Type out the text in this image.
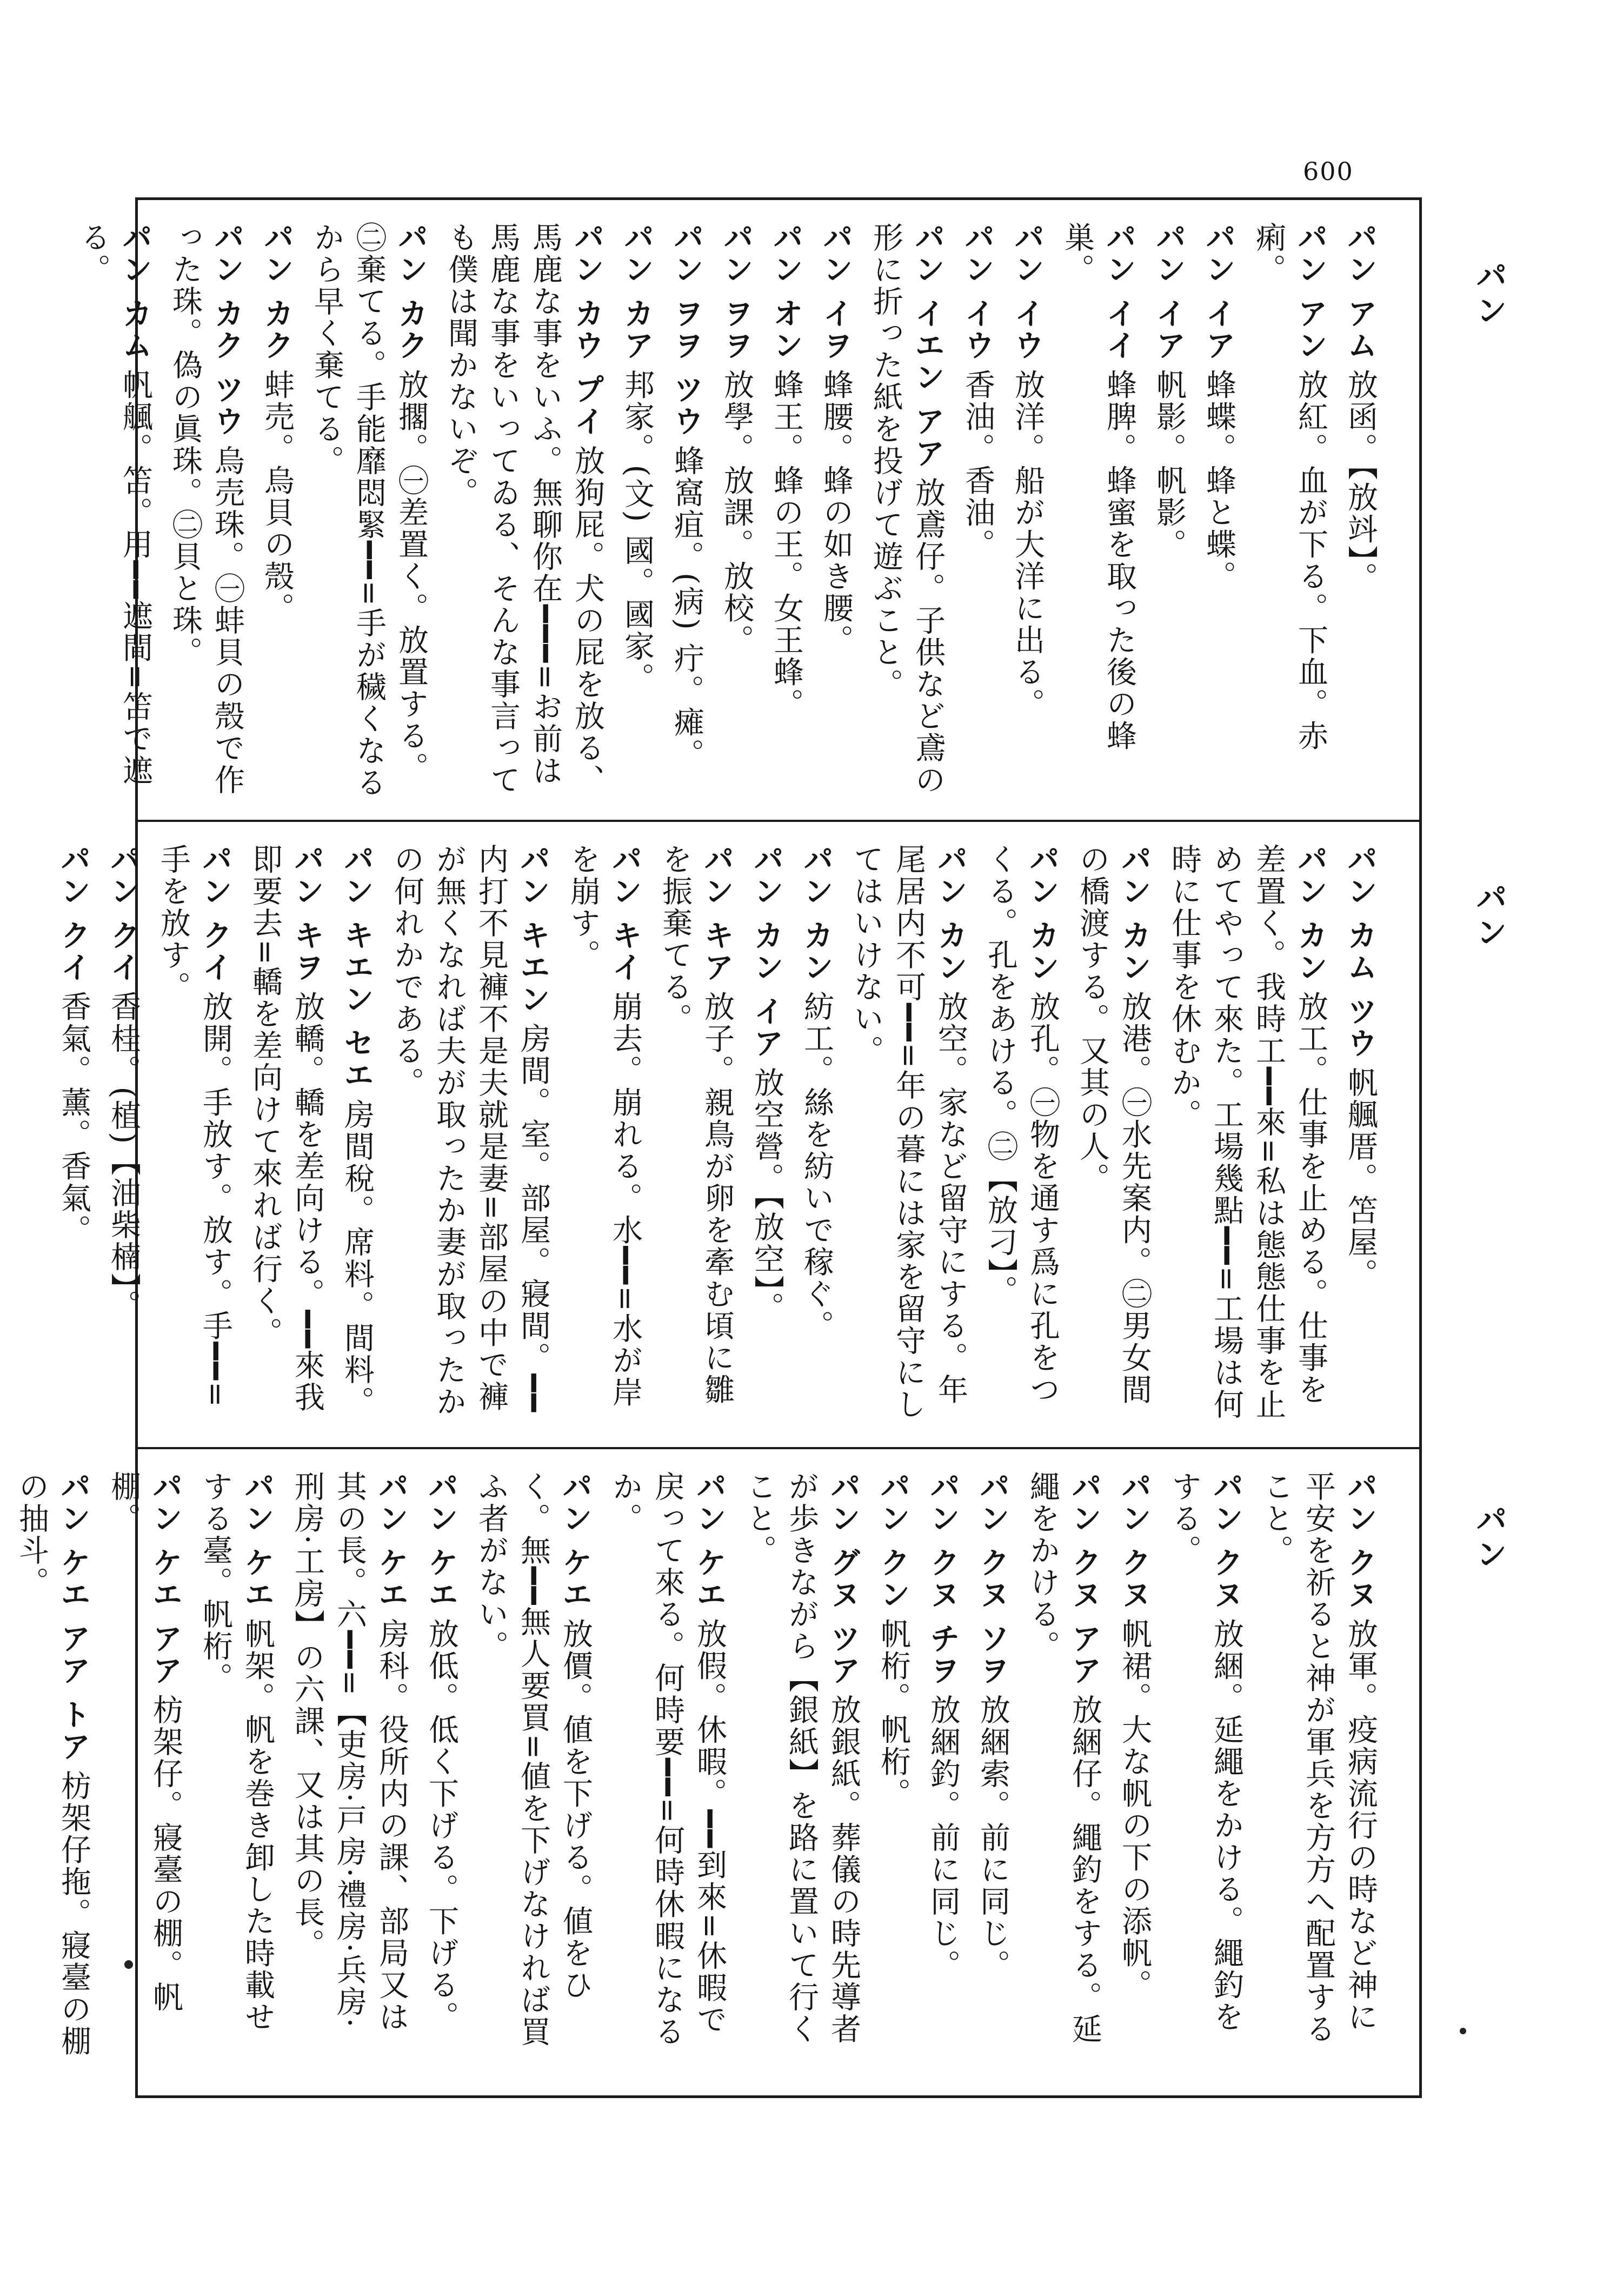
600
パン
パン
パン
パン アム放函。【放䇆】。
パン アン放紅。血が下る。下血。赤痢。
パン イア蜂蝶。蜂と蝶。
パン イア帆影。帆影。
パン イイ蜂脾。蜂蜜を取った後の蜂巣。
パン イウ放洋。船が大洋に出る。
パン イウ香油。香油。
パン イエン アア放鳶仔。子供など鳶の形に折った紙を投げて遊ぶこと。
パン イヲ蜂腰。蜂の如き腰。
パン オン蜂王。蜂の王。女王蜂。
パン ヲヲ放學。放課。放校。
パン ヲヲ ツウ蜂窩疽。(病) 疔。瘫。
パン カア邦家。(文) 國。國家。
パン カウ プイ放狗屁。犬の屁を放る、馬鹿な事をいふ。無聊你在━━━=お前は馬鹿な事をいってゐる、そんな事言っても僕は聞かないぞ。
パン カク放擱。㊀差置く。放置する。㊁棄てる。手能靡悶緊━━=手が穢くなるから早く棄てる。
パン カク蚌売。烏貝の殼。
パン カク ツウ烏売珠。㊀蚌貝の殼で作った珠。偽の眞珠。㊁貝と珠。
パン カム帆䑺。笘。用━━遮間=笘で遮る。
パン カム ツウ帆䑺厝。笘屋。
パン カン放工。仕事を止める。仕事を差置く。我時工━━來=私は態態仕事を止めてやって來た。工場幾點━━=工場は何時に仕事を休むか。
パン カン放港。㊀水先案内。㊁男女間の橋渡する。又其の人。
パン カン放孔。㊀物を通す爲に孔をつくる。孔をあける。㊁【放刁】。
パン カン放空。家など留守にする。年尾居内不可━━=年の暮には家を留守にしてはいけない。
パン カン紡工。絲を紡いで稼ぐ。
パン カン イア放空營。【放空】。
パン キア放子。親鳥が卵を牽む頃に雛を振棄てる。
パン キイ崩去。崩れる。水━━=水が岸を崩す。
パン キエン房間。室。部屋。寢間。━━内打不見褲不是夫就是妻=部屋の中で褲が無くなれば夫が取ったか妻が取ったかの何れかである。
パン キエン セエ房間稅。席料。間料。
パン キヲ放轎。轎を差向ける。━━來我即要去=轎を差向けて來れば行く。
パン クイ放開。手放す。放す。手━━=手を放す。
パン クイ香桂。(植)【油柴楠】。
パン クイ香氣。薰。香氣。
パン クヌ放軍。疫病流行の時など神に平安を祈ると神が軍兵を方方へ配置すること。
パン クヌ放綑。延繩をかける。繩釣をする。
パン クヌ帆裙。大な帆の下の添帆。
パン クヌ アア放綑仔。繩釣をする。延繩をかける。
パン クヌ ソヲ放綑索。前に同じ。
パン クヌ チヲ放綑釣。前に同じ。
パン クン帆桁。帆桁。
パン グヌ ツア放銀紙。葬儀の時先導者が歩きながら【銀紙】を路に置いて行くこと。
パン ケエ放假。休暇。━━到來=休暇で戻って來る。何時要━━=何時休暇になるか。
パン ケエ放價。値を下げる。値をひく。無━━無人要買=値を下げなければ買ふ者がない。
パン ケエ放低。低く下げる。下げる。
パン ケエ房科。役所内の課、部局又は其の長。六━━=【吏房·戸房·禮房·兵房·刑房·工房】の六課、又は其の長。
パン ケエ帆架。帆を巻き卸した時載せする臺。帆桁。
パン ケエ アア枋架仔。寢臺の棚。帆棚。
パン ケエ アア トア枋架仔拖。寢臺の棚の抽斗。
